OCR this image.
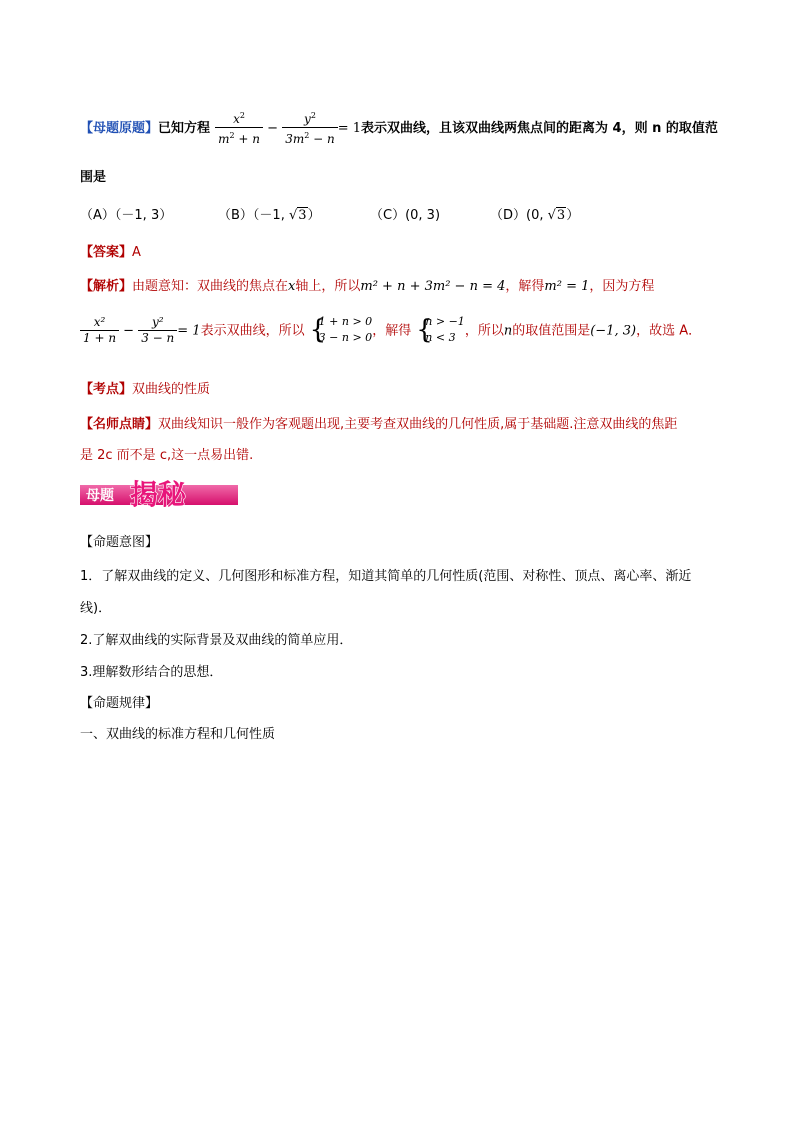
【母题原题】已知方程 $\frac{x^2}{m^2 + n} - \frac{y^2}{3m^2 - n} = 1$表示双曲线，且该双曲线两焦点间的距离为 4，则 n 的取值范
围是
（A）（－1, 3）	（B）（－1, √3）	（C）(0, 3)	（D）(0, √3）
【答案】A
【解析】由题意知：双曲线的焦点在x轴上，所以m² + n + 3m² − n = 4，解得m² = 1，因为方程
$\frac{\text{x²}}{1 + n} - \frac{\text{y²}}{3 - n} = 1$表示双曲线，所以 {
1 + n > 0
3 − n > 0 ，解得 {
n > −1
n < 3 ，所以n的取值范围是(−1, 3)，故选 A．
【考点】双曲线的性质
【名师点睛】双曲线知识一般作为客观题出现,主要考查双曲线的几何性质,属于基础题.注意双曲线的焦距
是 2c 而不是 c,这一点易出错.
母题 揭秘
【命题意图】
1．了解双曲线的定义、几何图形和标准方程，知道其简单的几何性质(范围、对称性、顶点、离心率、渐近
线)．
2.了解双曲线的实际背景及双曲线的简单应用．
3.理解数形结合的思想．
【命题规律】
一、双曲线的标准方程和几何性质
